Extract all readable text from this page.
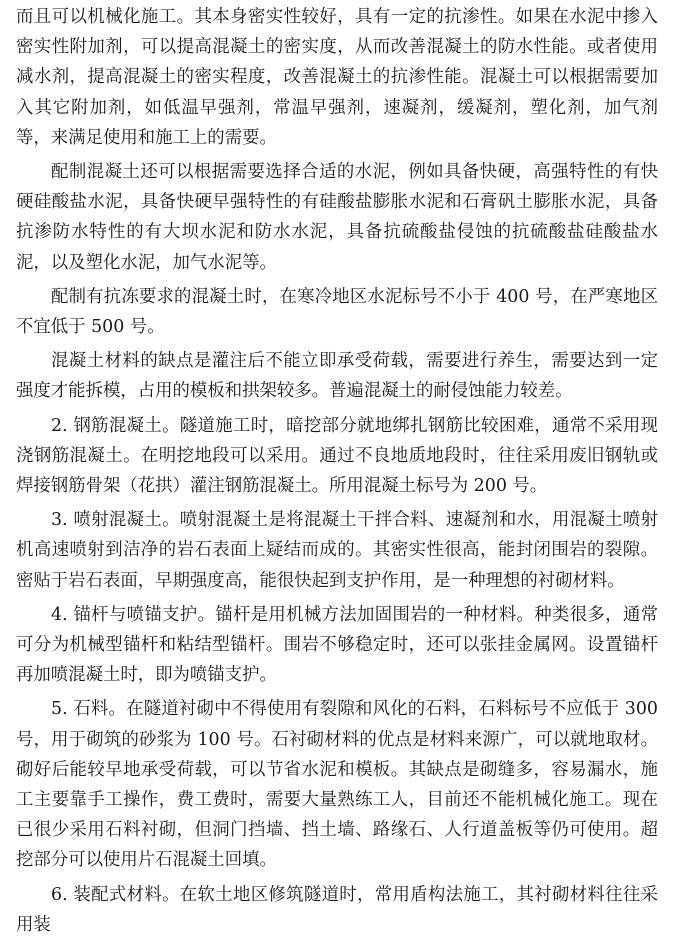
而且可以机械化施工。其本身密实性较好，具有一定的抗渗性。如果在水泥中掺入密实性附加剂，可以提高混凝土的密实度，从而改善混凝土的防水性能。或者使用减水剂，提高混凝土的密实程度，改善混凝土的抗渗性能。混凝土可以根据需要加入其它附加剂，如低温早强剂，常温早强剂，速凝剂，缓凝剂，塑化剂，加气剂等，来满足使用和施工上的需要。

配制混凝土还可以根据需要选择合适的水泥，例如具备快硬，高强特性的有快硬硅酸盐水泥，具备快硬早强特性的有硅酸盐膨胀水泥和石膏矾土膨胀水泥，具备抗渗防水特性的有大坝水泥和防水水泥，具备抗硫酸盐侵蚀的抗硫酸盐硅酸盐水泥，以及塑化水泥，加气水泥等。

配制有抗冻要求的混凝土时，在寒冷地区水泥标号不小于 400 号，在严寒地区不宜低于 500 号。

混凝土材料的缺点是灌注后不能立即承受荷载，需要进行养生，需要达到一定强度才能拆模，占用的模板和拱架较多。普遍混凝土的耐侵蚀能力较差。

2. 钢筋混凝土。隧道施工时，暗挖部分就地绑扎钢筋比较困难，通常不采用现浇钢筋混凝土。在明挖地段可以采用。通过不良地质地段时，往往采用废旧钢轨或焊接钢筋骨架（花拱）灌注钢筋混凝土。所用混凝土标号为 200 号。

3. 喷射混凝土。喷射混凝土是将混凝土干拌合料、速凝剂和水，用混凝土喷射机高速喷射到洁净的岩石表面上疑结而成的。其密实性很高，能封闭围岩的裂隙。密贴于岩石表面，早期强度高，能很快起到支护作用，是一种理想的衬砌材料。

4. 锚杆与喷锚支护。锚杆是用机械方法加固围岩的一种材料。种类很多，通常可分为机械型锚杆和粘结型锚杆。围岩不够稳定时，还可以张挂金属网。设置锚杆再加喷混凝土时，即为喷锚支护。

5. 石料。在隧道衬砌中不得使用有裂隙和风化的石料，石料标号不应低于 300 号，用于砌筑的砂浆为 100 号。石衬砌材料的优点是材料来源广，可以就地取材。砌好后能较早地承受荷载，可以节省水泥和模板。其缺点是砌缝多，容易漏水，施工主要靠手工操作，费工费时，需要大量熟练工人，目前还不能机械化施工。现在已很少采用石料衬砌，但洞门挡墙、挡土墙、路缘石、人行道盖板等仍可使用。超挖部分可以使用片石混凝土回填。

6. 装配式材料。在软土地区修筑隧道时，常用盾构法施工，其衬砌材料往往采用装
